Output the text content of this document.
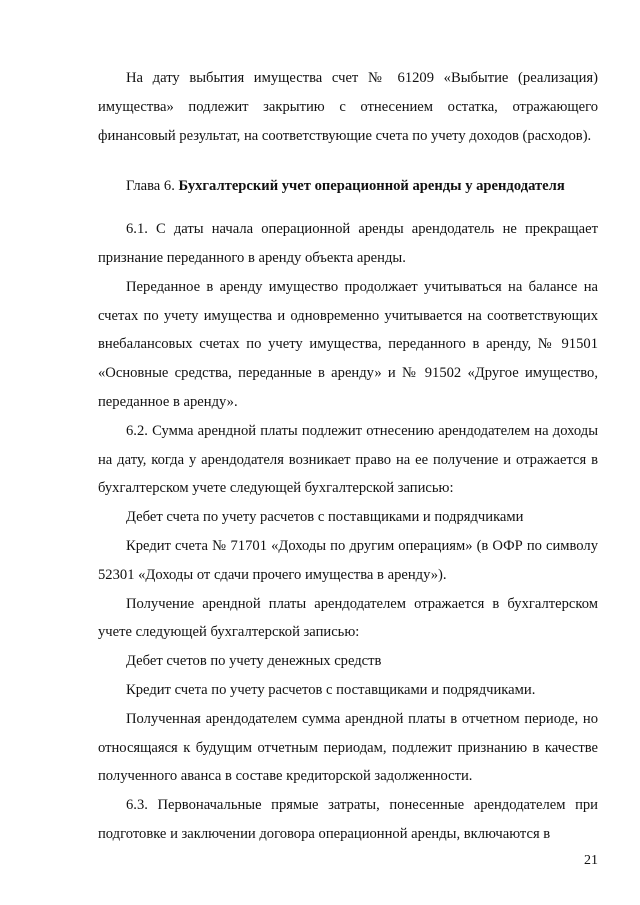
На дату выбытия имущества счет № 61209 «Выбытие (реализация) имущества» подлежит закрытию с отнесением остатка, отражающего финансовый результат, на соответствующие счета по учету доходов (расходов).

Глава 6. Бухгалтерский учет операционной аренды у арендодателя

6.1. С даты начала операционной аренды арендодатель не прекращает признание переданного в аренду объекта аренды.

Переданное в аренду имущество продолжает учитываться на балансе на счетах по учету имущества и одновременно учитывается на соответствующих внебалансовых счетах по учету имущества, переданного в аренду, № 91501 «Основные средства, переданные в аренду» и № 91502 «Другое имущество, переданное в аренду».

6.2. Сумма арендной платы подлежит отнесению арендодателем на доходы на дату, когда у арендодателя возникает право на ее получение и отражается в бухгалтерском учете следующей бухгалтерской записью:

Дебет счета по учету расчетов с поставщиками и подрядчиками

Кредит счета № 71701 «Доходы по другим операциям» (в ОФР по символу 52301 «Доходы от сдачи прочего имущества в аренду»).

Получение арендной платы арендодателем отражается в бухгалтерском учете следующей бухгалтерской записью:

Дебет счетов по учету денежных средств

Кредит счета по учету расчетов с поставщиками и подрядчиками.

Полученная арендодателем сумма арендной платы в отчетном периоде, но относящаяся к будущим отчетным периодам, подлежит признанию в качестве полученного аванса в составе кредиторской задолженности.

6.3. Первоначальные прямые затраты, понесенные арендодателем при подготовке и заключении договора операционной аренды, включаются в

21
